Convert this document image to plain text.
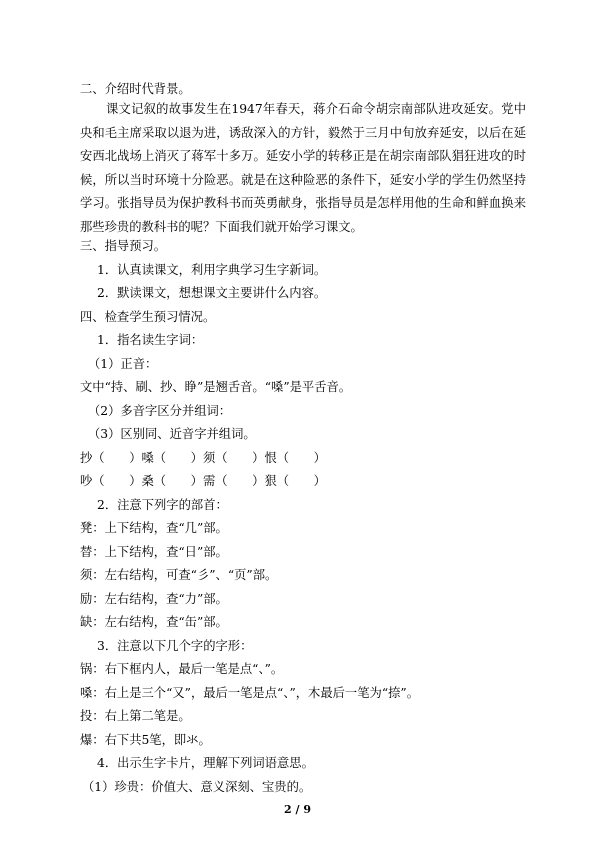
二、介绍时代背景。
课文记叙的故事发生在1947年春天，蒋介石命令胡宗南部队进攻延安。党中央和毛主席采取以退为进，诱敌深入的方针，毅然于三月中旬放弃延安，以后在延安西北战场上消灭了蒋军十多万。延安小学的转移正是在胡宗南部队猖狂进攻的时候，所以当时环境十分险恶。就是在这种险恶的条件下，延安小学的学生仍然坚持学习。张指导员为保护教科书而英勇献身，张指导员是怎样用他的生命和鲜血换来那些珍贵的教科书的呢？下面我们就开始学习课文。
三、指导预习。
1．认真读课文，利用字典学习生字新词。
2．默读课文，想想课文主要讲什么内容。
四、检查学生预习情况。
1．指名读生字词：
（1）正音：
文中“持、刷、抄、睁”是翘舌音。“嗓”是平舌音。
（2）多音字区分并组词：
（3）区别同、近音字并组词。
抄（　　）嗓（　　）须（　　）恨（　　）
吵（　　）桑（　　）需（　　）狠（　　）
2．注意下列字的部首：
凳：上下结构，查“几”部。
替：上下结构，查“日”部。
须：左右结构，可查“彡”、“页”部。
励：左右结构，查“力”部。
缺：左右结构，查“缶”部。
3．注意以下几个字的字形：
锅：右下框内人，最后一笔是点“、”。
嗓：右上是三个“又”，最后一笔是点“、”，木最后一笔为“捺”。
投：右上第二笔是。
爆：右下共5笔，即氺。
4．出示生字卡片，理解下列词语意思。
（1）珍贵：价值大、意义深刻、宝贵的。
2 / 9
